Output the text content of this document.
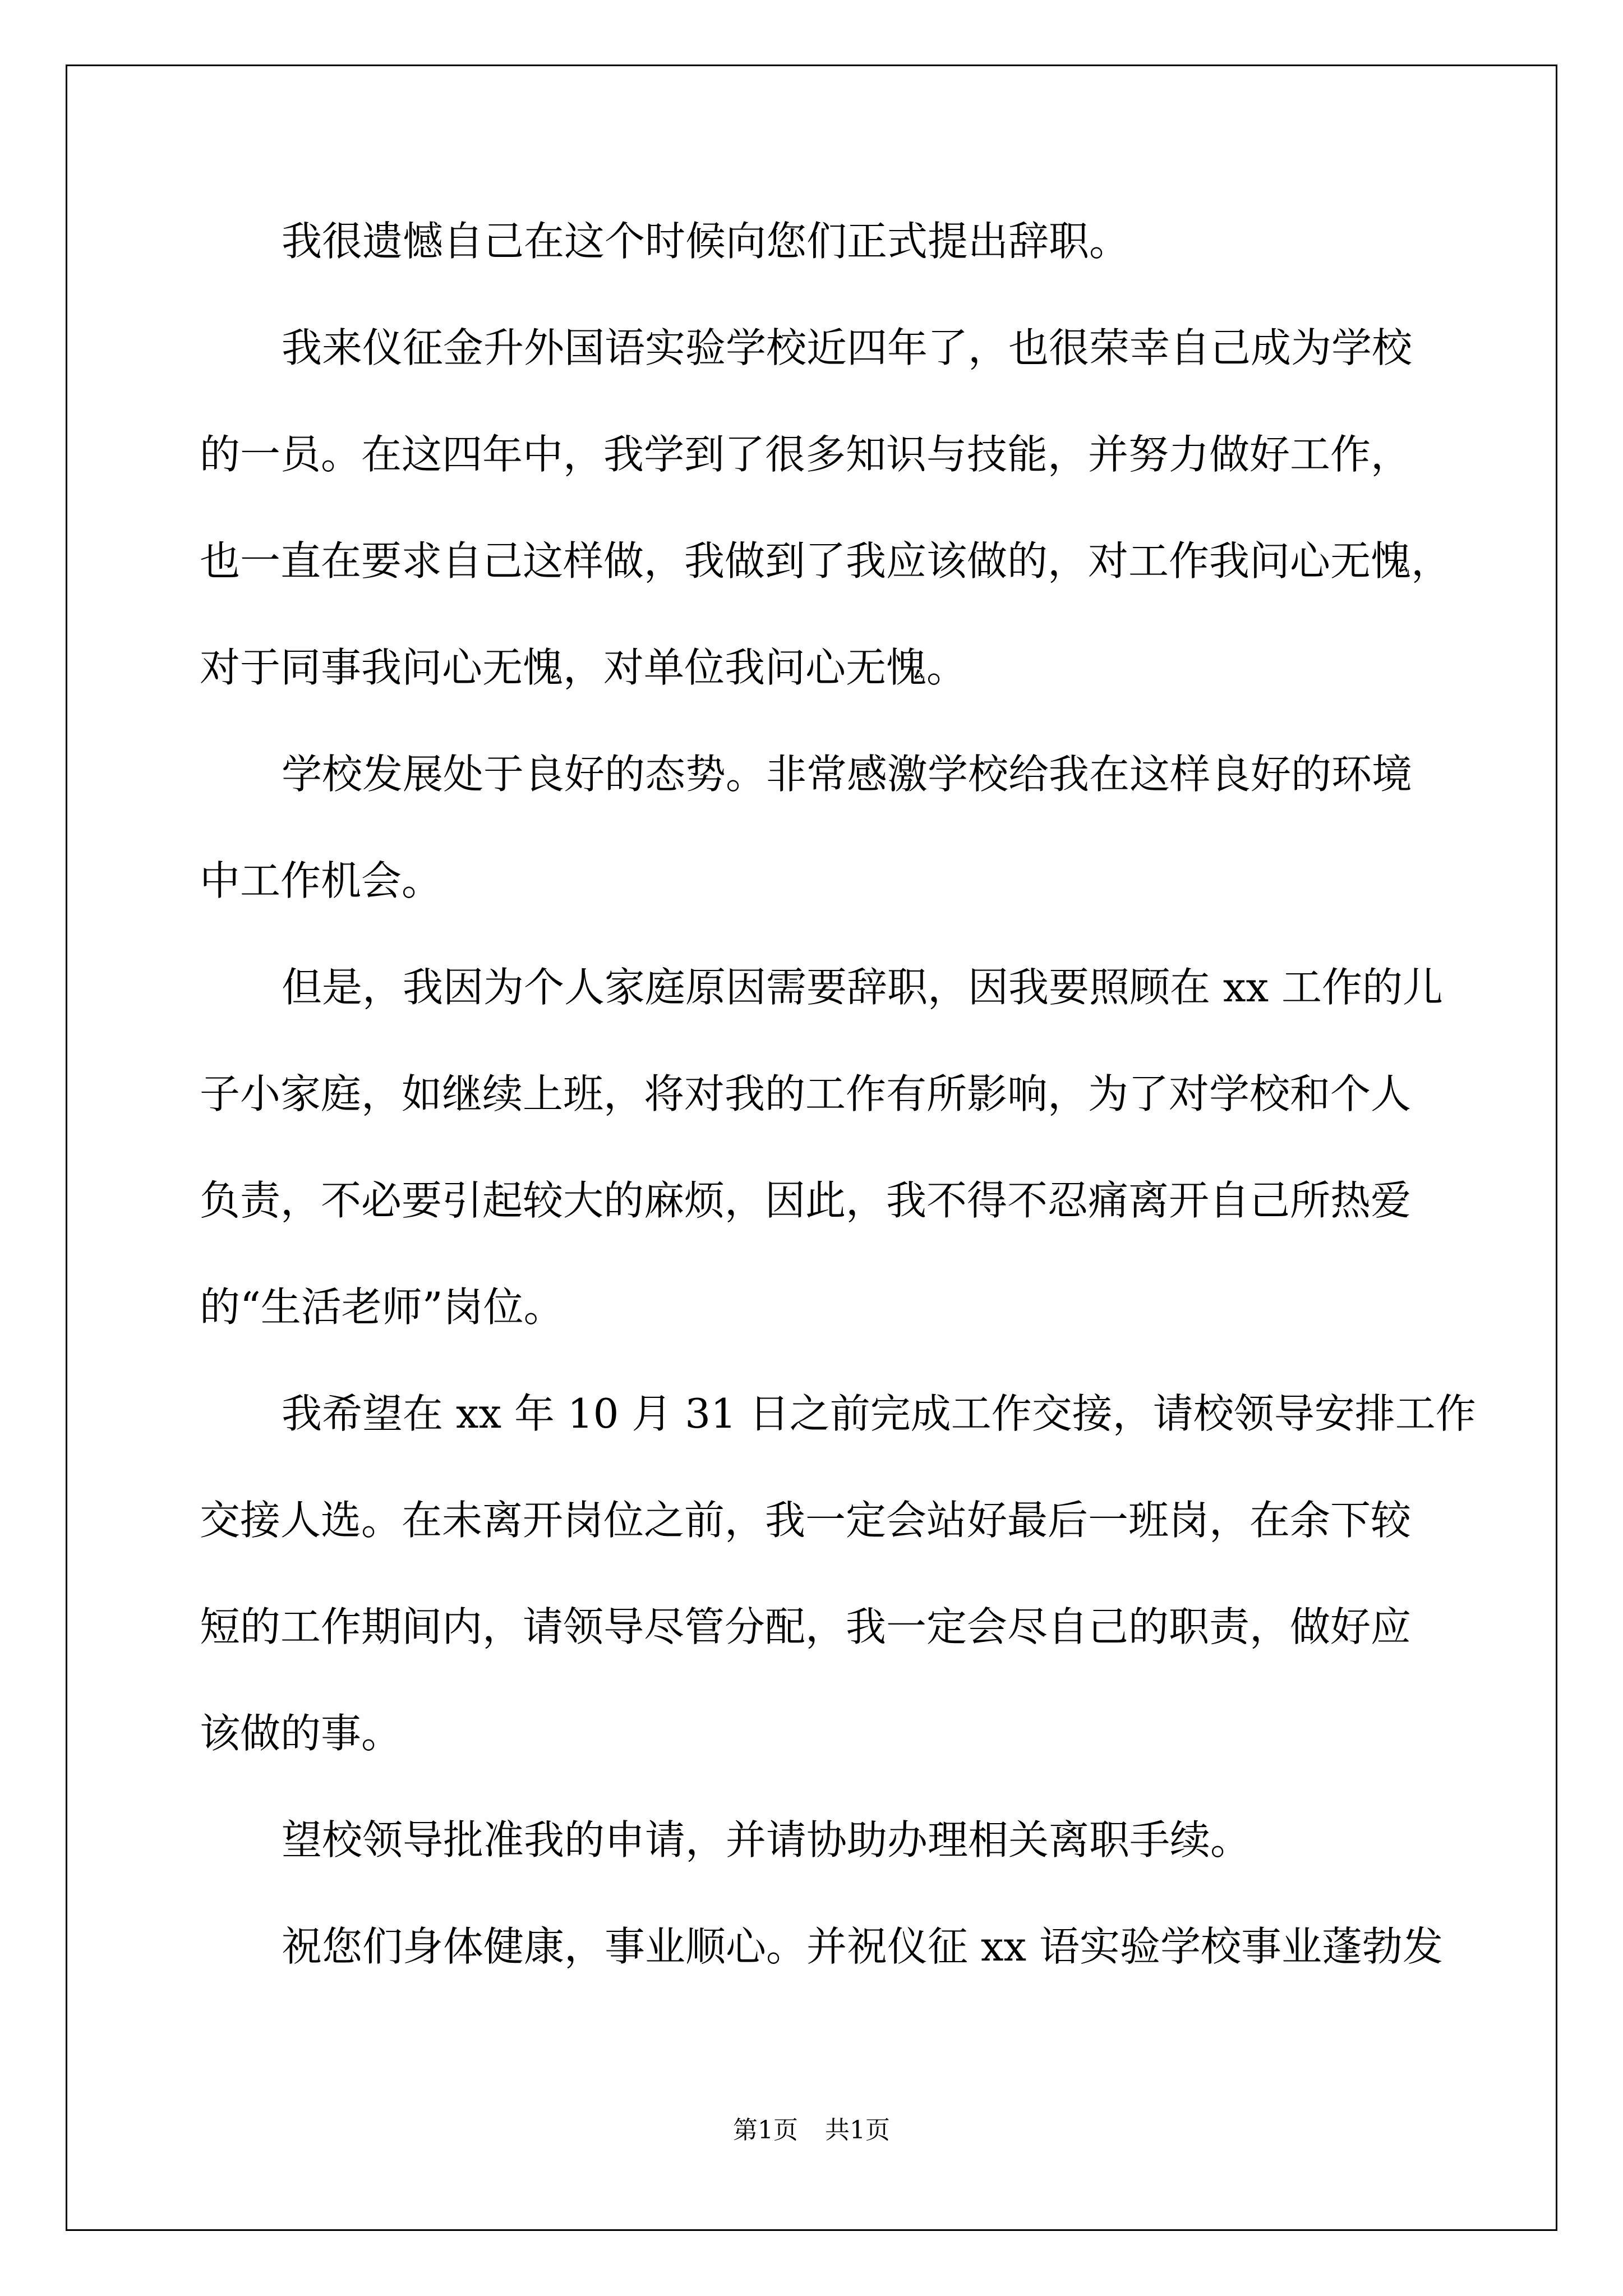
我很遗憾自己在这个时候向您们正式提出辞职。
我来仪征金升外国语实验学校近四年了，也很荣幸自己成为学校
的一员。在这四年中，我学到了很多知识与技能，并努力做好工作，
也一直在要求自己这样做，我做到了我应该做的，对工作我问心无愧，
对于同事我问心无愧，对单位我问心无愧。
学校发展处于良好的态势。非常感激学校给我在这样良好的环境
中工作机会。
但是，我因为个人家庭原因需要辞职，因我要照顾在 xx 工作的儿
子小家庭，如继续上班，将对我的工作有所影响，为了对学校和个人
负责，不必要引起较大的麻烦，因此，我不得不忍痛离开自己所热爱
的“生活老师”岗位。
我希望在 xx 年 10 月 31 日之前完成工作交接，请校领导安排工作
交接人选。在未离开岗位之前，我一定会站好最后一班岗，在余下较
短的工作期间内，请领导尽管分配，我一定会尽自己的职责，做好应
该做的事。
望校领导批准我的申请，并请协助办理相关离职手续。
祝您们身体健康，事业顺心。并祝仪征 xx 语实验学校事业蓬勃发
第1页 共1页
